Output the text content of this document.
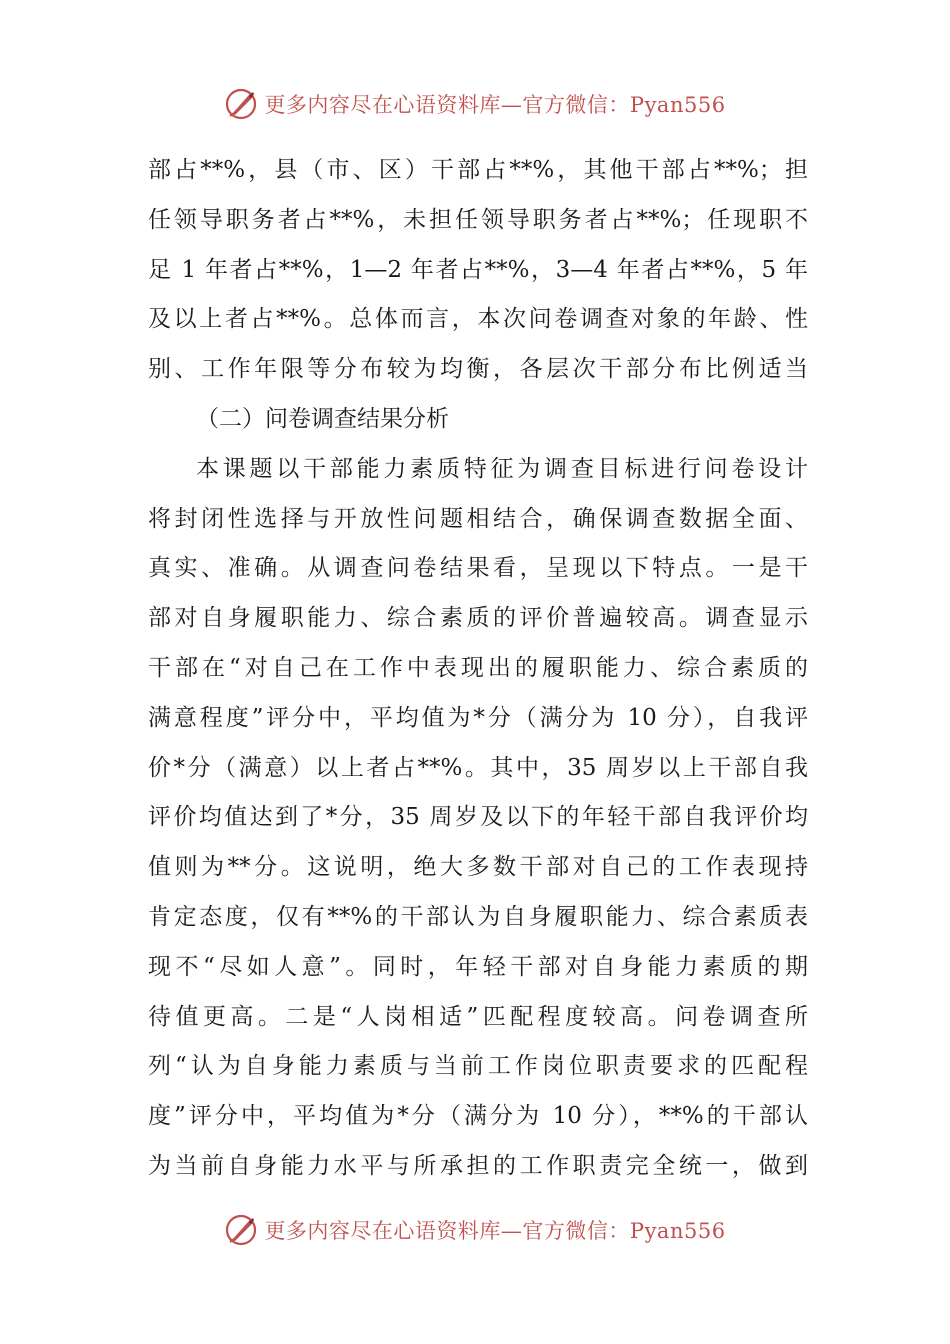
更多内容尽在心语资料库—官方微信：Pyan556
部占**%，县（市、区）干部占**%，其他干部占**%；担
任领导职务者占**%，未担任领导职务者占**%；任现职不
足 1 年者占**%，1—2 年者占**%，3—4 年者占**%，5 年
及以上者占**%。总体而言，本次问卷调查对象的年龄、性
别、工作年限等分布较为均衡，各层次干部分布比例适当
（二）问卷调查结果分析
本课题以干部能力素质特征为调查目标进行问卷设计
将封闭性选择与开放性问题相结合，确保调查数据全面、
真实、准确。从调查问卷结果看，呈现以下特点。一是干
部对自身履职能力、综合素质的评价普遍较高。调查显示
干部在“对自己在工作中表现出的履职能力、综合素质的
满意程度”评分中，平均值为*分（满分为 10 分），自我评
价*分（满意）以上者占**%。其中，35 周岁以上干部自我
评价均值达到了*分，35 周岁及以下的年轻干部自我评价均
值则为**分。这说明，绝大多数干部对自己的工作表现持
肯定态度，仅有**%的干部认为自身履职能力、综合素质表
现不“尽如人意”。同时，年轻干部对自身能力素质的期
待值更高。二是“人岗相适”匹配程度较高。问卷调查所
列“认为自身能力素质与当前工作岗位职责要求的匹配程
度”评分中，平均值为*分（满分为 10 分），**%的干部认
为当前自身能力水平与所承担的工作职责完全统一，做到
更多内容尽在心语资料库—官方微信：Pyan556
